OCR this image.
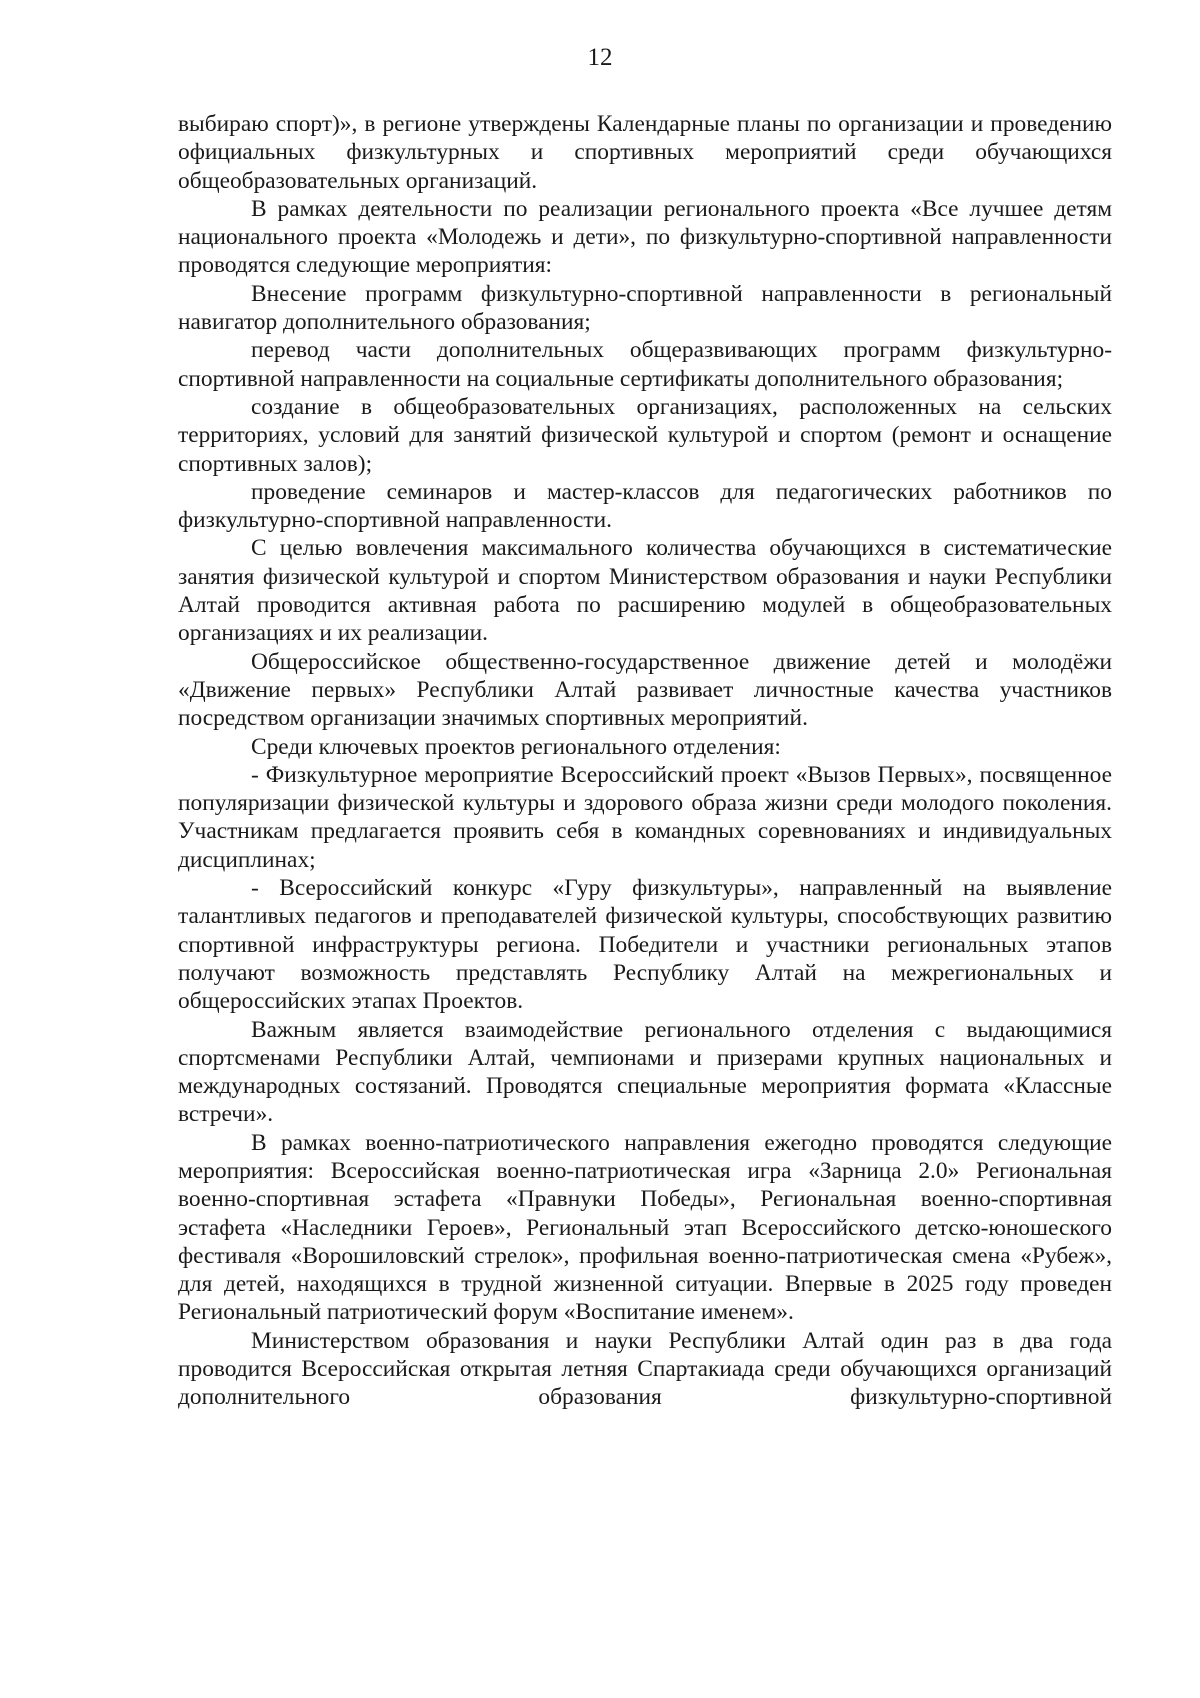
12

выбираю спорт)», в регионе утверждены Календарные планы по организации и проведению официальных физкультурных и спортивных мероприятий среди обучающихся общеобразовательных организаций.

В рамках деятельности по реализации регионального проекта «Все лучшее детям национального проекта «Молодежь и дети», по физкультурно-спортивной направленности проводятся следующие мероприятия:

Внесение программ физкультурно-спортивной направленности в региональный навигатор дополнительного образования;

перевод части дополнительных общеразвивающих программ физкультурно-спортивной направленности на социальные сертификаты дополнительного образования;

создание в общеобразовательных организациях, расположенных на сельских территориях, условий для занятий физической культурой и спортом (ремонт и оснащение спортивных залов);

проведение семинаров и мастер-классов для педагогических работников по физкультурно-спортивной направленности.

С целью вовлечения максимального количества обучающихся в систематические занятия физической культурой и спортом Министерством образования и науки Республики Алтай проводится активная работа по расширению модулей в общеобразовательных организациях и их реализации.

Общероссийское общественно-государственное движение детей и молодёжи «Движение первых» Республики Алтай развивает личностные качества участников посредством организации значимых спортивных мероприятий.

Среди ключевых проектов регионального отделения:

- Физкультурное мероприятие Всероссийский проект «Вызов Первых», посвященное популяризации физической культуры и здорового образа жизни среди молодого поколения. Участникам предлагается проявить себя в командных соревнованиях и индивидуальных дисциплинах;

- Всероссийский конкурс «Гуру физкультуры», направленный на выявление талантливых педагогов и преподавателей физической культуры, способствующих развитию спортивной инфраструктуры региона. Победители и участники региональных этапов получают возможность представлять Республику Алтай на межрегиональных и общероссийских этапах Проектов.

Важным является взаимодействие регионального отделения с выдающимися спортсменами Республики Алтай, чемпионами и призерами крупных национальных и международных состязаний. Проводятся специальные мероприятия формата «Классные встречи».

В рамках военно-патриотического направления ежегодно проводятся следующие мероприятия: Всероссийская военно-патриотическая игра «Зарница 2.0» Региональная военно-спортивная эстафета «Правнуки Победы», Региональная военно-спортивная эстафета «Наследники Героев», Региональный этап Всероссийского детско-юношеского фестиваля «Ворошиловский стрелок», профильная военно-патриотическая смена «Рубеж», для детей, находящихся в трудной жизненной ситуации. Впервые в 2025 году проведен Региональный патриотический форум «Воспитание именем».

Министерством образования и науки Республики Алтай один раз в два года проводится Всероссийская открытая летняя Спартакиада среди обучающихся организаций дополнительного образования физкультурно-спортивной
